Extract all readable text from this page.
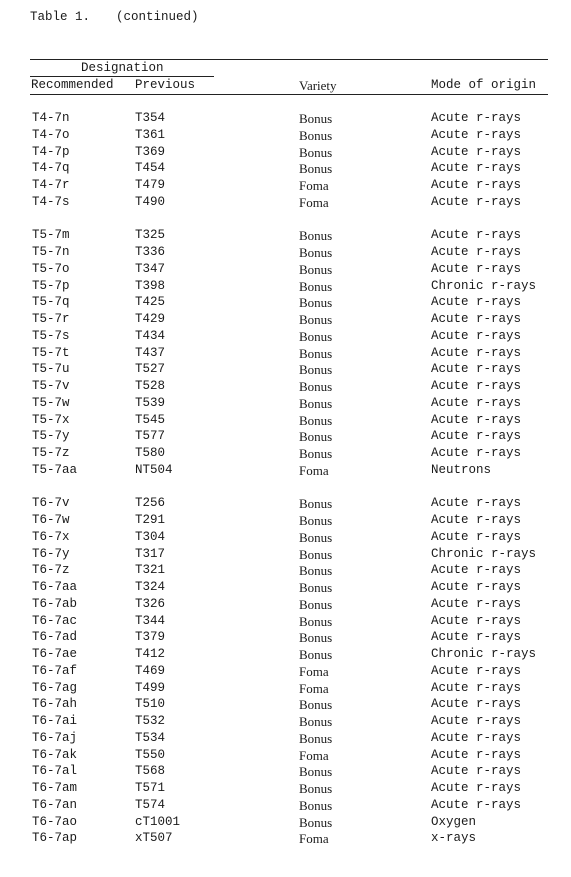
Table 1. (continued)
Designation
Recommended Previous	Variety	Mode of origin
T4-7n	T354	Bonus	Acute r-rays
T4-7o	T361	Bonus	Acute r-rays
T4-7p	T369	Bonus	Acute r-rays
T4-7q	T454	Bonus	Acute r-rays
T4-7r	T479	Foma	Acute r-rays
T4-7s	T490	Foma	Acute r-rays
T5-7m	T325	Bonus	Acute r-rays
T5-7n	T336	Bonus	Acute r-rays
T5-7o	T347	Bonus	Acute r-rays
T5-7p	T398	Bonus	Chronic r-rays
T5-7q	T425	Bonus	Acute r-rays
T5-7r	T429	Bonus	Acute r-rays
T5-7s	T434	Bonus	Acute r-rays
T5-7t	T437	Bonus	Acute r-rays
T5-7u	T527	Bonus	Acute r-rays
T5-7v	T528	Bonus	Acute r-rays
T5-7w	T539	Bonus	Acute r-rays
T5-7x	T545	Bonus	Acute r-rays
T5-7y	T577	Bonus	Acute r-rays
T5-7z	T580	Bonus	Acute r-rays
T5-7aa	NT504	Foma	Neutrons
T6-7v	T256	Bonus	Acute r-rays
T6-7w	T291	Bonus	Acute r-rays
T6-7x	T304	Bonus	Acute r-rays
T6-7y	T317	Bonus	Chronic r-rays
T6-7z	T321	Bonus	Acute r-rays
T6-7aa	T324	Bonus	Acute r-rays
T6-7ab	T326	Bonus	Acute r-rays
T6-7ac	T344	Bonus	Acute r-rays
T6-7ad	T379	Bonus	Acute r-rays
T6-7ae	T412	Bonus	Chronic r-rays
T6-7af	T469	Foma	Acute r-rays
T6-7ag	T499	Foma	Acute r-rays
T6-7ah	T510	Bonus	Acute r-rays
T6-7ai	T532	Bonus	Acute r-rays
T6-7aj	T534	Bonus	Acute r-rays
T6-7ak	T550	Foma	Acute r-rays
T6-7al	T568	Bonus	Acute r-rays
T6-7am	T571	Bonus	Acute r-rays
T6-7an	T574	Bonus	Acute r-rays
T6-7ao	cT1001	Bonus	Oxygen
T6-7ap	xT507	Foma	x-rays
